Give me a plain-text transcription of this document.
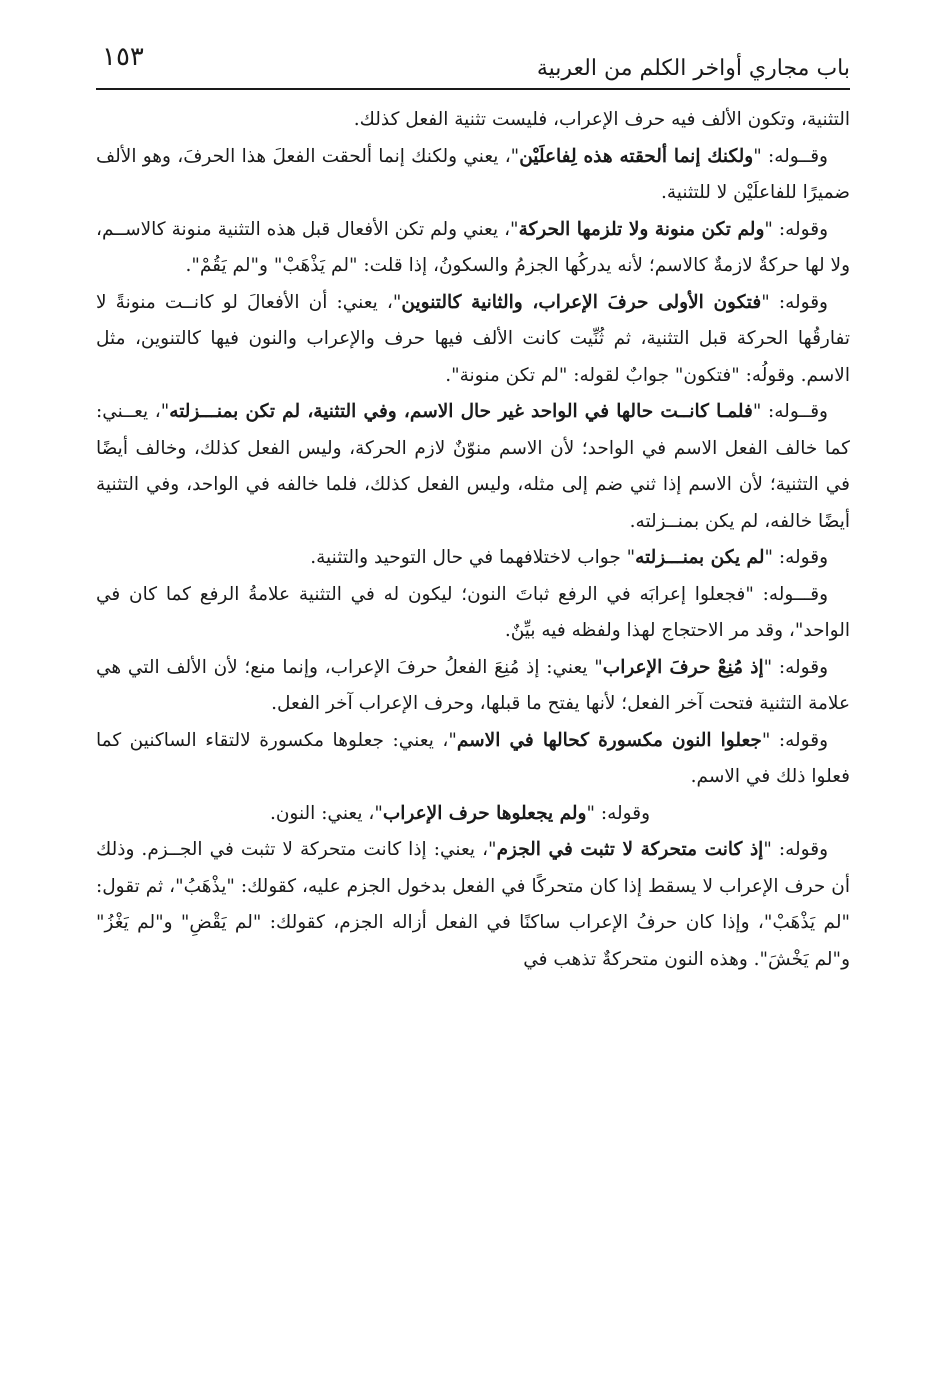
باب مجاري أواخر الكلم من العربية
١٥٣

التثنية، وتكون الألف فيه حرف الإعراب، فليست تثنية الفعل كذلك.

وقــوله: "ولكنك إنما ألحقته هذه لِفاعلَيْن"، يعني ولكنك إنما ألحقت الفعلَ هذا الحرفَ، وهو الألف ضميرًا للفاعلَيْن لا للتثنية.

وقوله: "ولم تكن منونة ولا تلزمها الحركة"، يعني ولم تكن الأفعال قبل هذه التثنية منونة كالاســم، ولا لها حركةٌ لازمةٌ كالاسم؛ لأنه يدركُها الجزمُ والسكونُ، إذا قلت: "لم يَذْهَبْ" و"لم يَقُمْ".

وقوله: "فتكون الأولى حرفَ الإعراب، والثانية كالتنوين"، يعني: أن الأفعالَ لو كانــت منونةً لا تفارقُها الحركة قبل التثنية، ثم ثُنِّيت كانت الألف فيها حرف والإعراب والنون فيها كالتنوين، مثل الاسم. وقولُه: "فتكون" جوابٌ لقوله: "لم تكن منونة".

وقــوله: "فلمـا كانــت حالها في الواحد غير حال الاسم، وفي التثنية، لم تكن بمنـــزلته"، يعــني: كما خالف الفعل الاسم في الواحد؛ لأن الاسم منوّنٌ لازم الحركة، وليس الفعل كذلك، وخالف أيضًا في التثنية؛ لأن الاسم إذا ثني ضم إلى مثله، وليس الفعل كذلك، فلما خالفه في الواحد، وفي التثنية أيضًا خالفه، لم يكن بمنــزلته.

وقوله: "لم يكن بمنـــزلته" جواب لاختلافهما في حال التوحيد والتثنية.

وقـــوله: "فجعلوا إعرابَه في الرفع ثباتَ النون؛ ليكون له في التثنية علامةُ الرفع كما كان في الواحد"، وقد مر الاحتجاج لهذا ولفظه فيه بيِّنٌ.

وقوله: "إذ مُنِعْ حرفَ الإعراب" يعني: إذ مُنِعَ الفعلُ حرفَ الإعراب، وإنما منع؛ لأن الألف التي هي علامة التثنية فتحت آخر الفعل؛ لأنها يفتح ما قبلها، وحرف الإعراب آخر الفعل.

وقوله: "جعلوا النون مكسورة كحالها في الاسم"، يعني: جعلوها مكسورة لالتقاء الساكنين كما فعلوا ذلك في الاسم.

وقوله: "ولم يجعلوها حرف الإعراب"، يعني: النون.

وقوله: "إذ كانت متحركة لا تثبت في الجزم"، يعني: إذا كانت متحركة لا تثبت في الجــزم. وذلك أن حرف الإعراب لا يسقط إذا كان متحركًا في الفعل بدخول الجزم عليه، كقولك: "يذْهَبُ"، ثم تقول: "لم يَذْهَبْ"، وإذا كان حرفُ الإعراب ساكنًا في الفعل أزاله الجزم، كقولك: "لم يَقْضِ" و"لم يَغْزُ" و"لم يَخْشَ". وهذه النون متحركةٌ تذهب في
